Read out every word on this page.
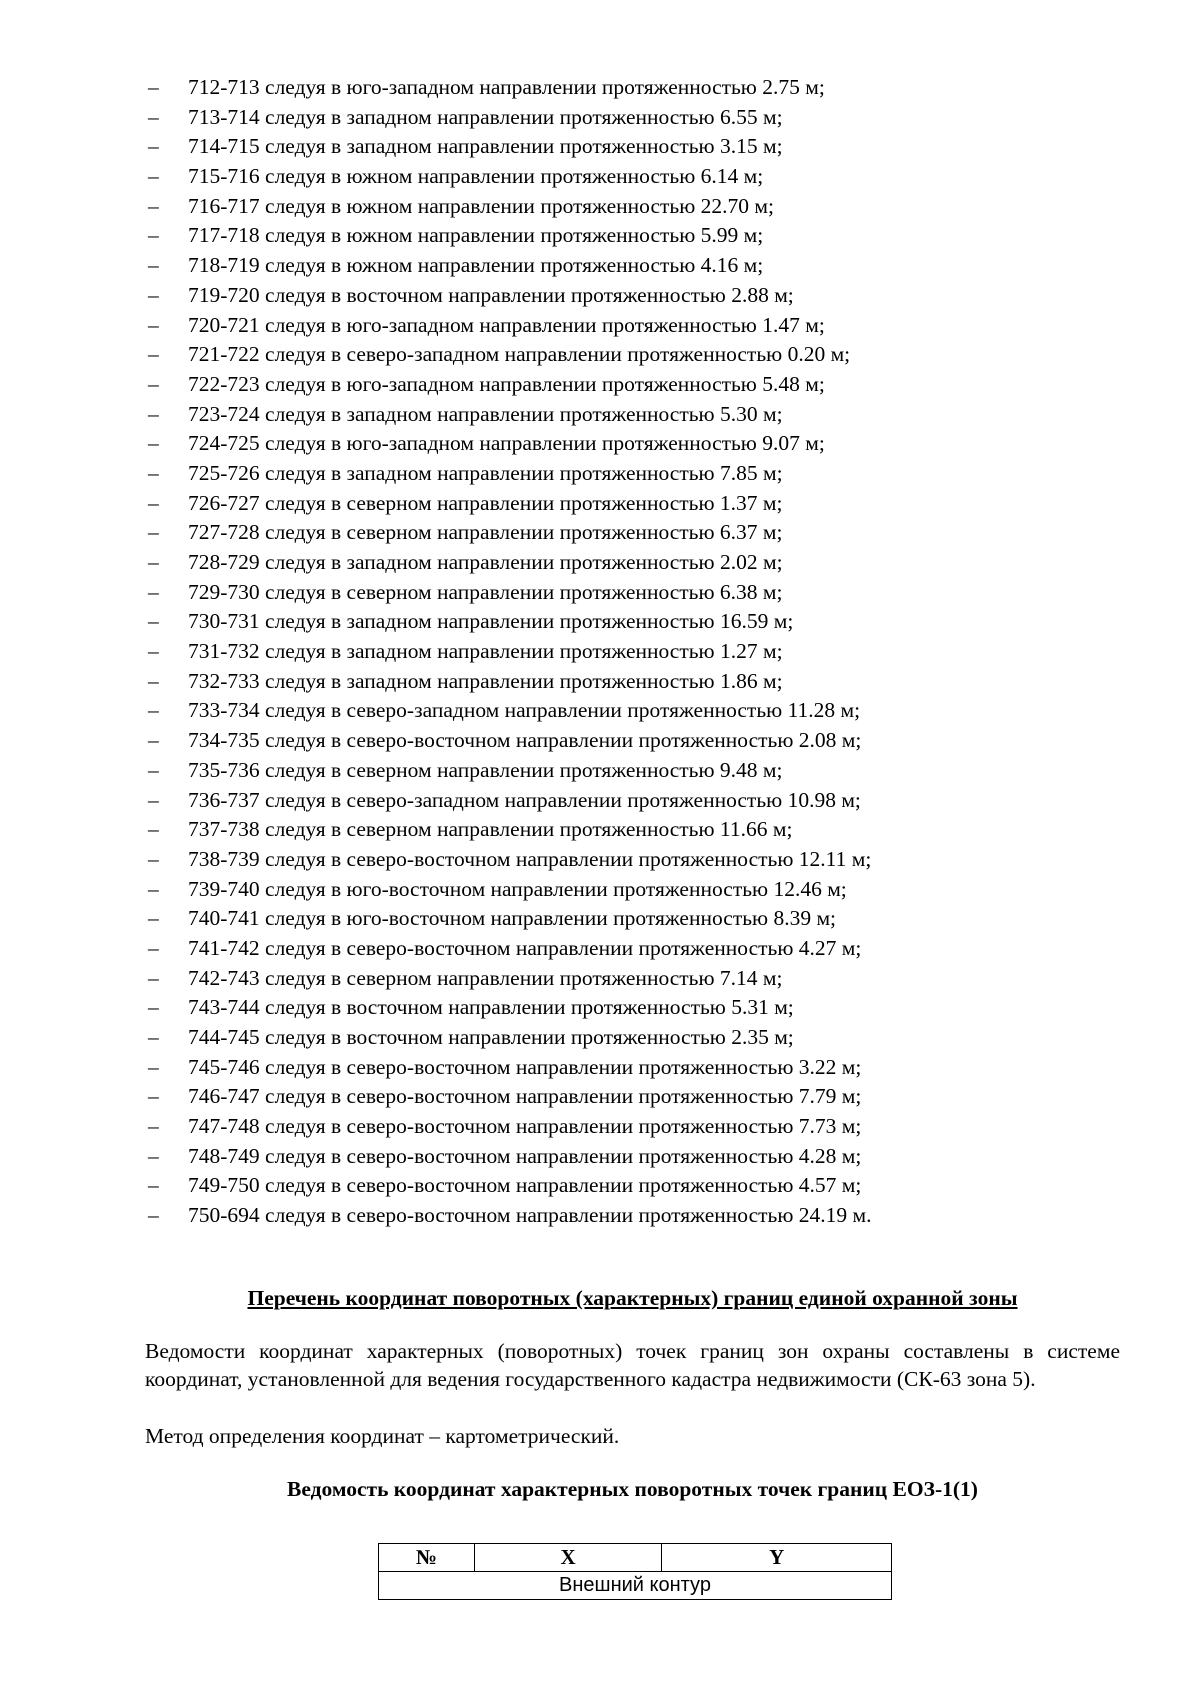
– 712-713 следуя в юго-западном направлении протяженностью 2.75 м;
– 713-714 следуя в западном направлении протяженностью 6.55 м;
– 714-715 следуя в западном направлении протяженностью 3.15 м;
– 715-716 следуя в южном направлении протяженностью 6.14 м;
– 716-717 следуя в южном направлении протяженностью 22.70 м;
– 717-718 следуя в южном направлении протяженностью 5.99 м;
– 718-719 следуя в южном направлении протяженностью 4.16 м;
– 719-720 следуя в восточном направлении протяженностью 2.88 м;
– 720-721 следуя в юго-западном направлении протяженностью 1.47 м;
– 721-722 следуя в северо-западном направлении протяженностью 0.20 м;
– 722-723 следуя в юго-западном направлении протяженностью 5.48 м;
– 723-724 следуя в западном направлении протяженностью 5.30 м;
– 724-725 следуя в юго-западном направлении протяженностью 9.07 м;
– 725-726 следуя в западном направлении протяженностью 7.85 м;
– 726-727 следуя в северном направлении протяженностью 1.37 м;
– 727-728 следуя в северном направлении протяженностью 6.37 м;
– 728-729 следуя в западном направлении протяженностью 2.02 м;
– 729-730 следуя в северном направлении протяженностью 6.38 м;
– 730-731 следуя в западном направлении протяженностью 16.59 м;
– 731-732 следуя в западном направлении протяженностью 1.27 м;
– 732-733 следуя в западном направлении протяженностью 1.86 м;
– 733-734 следуя в северо-западном направлении протяженностью 11.28 м;
– 734-735 следуя в северо-восточном направлении протяженностью 2.08 м;
– 735-736 следуя в северном направлении протяженностью 9.48 м;
– 736-737 следуя в северо-западном направлении протяженностью 10.98 м;
– 737-738 следуя в северном направлении протяженностью 11.66 м;
– 738-739 следуя в северо-восточном направлении протяженностью 12.11 м;
– 739-740 следуя в юго-восточном направлении протяженностью 12.46 м;
– 740-741 следуя в юго-восточном направлении протяженностью 8.39 м;
– 741-742 следуя в северо-восточном направлении протяженностью 4.27 м;
– 742-743 следуя в северном направлении протяженностью 7.14 м;
– 743-744 следуя в восточном направлении протяженностью 5.31 м;
– 744-745 следуя в восточном направлении протяженностью 2.35 м;
– 745-746 следуя в северо-восточном направлении протяженностью 3.22 м;
– 746-747 следуя в северо-восточном направлении протяженностью 7.79 м;
– 747-748 следуя в северо-восточном направлении протяженностью 7.73 м;
– 748-749 следуя в северо-восточном направлении протяженностью 4.28 м;
– 749-750 следуя в северо-восточном направлении протяженностью 4.57 м;
– 750-694 следуя в северо-восточном направлении протяженностью 24.19 м.
Перечень координат поворотных (характерных) границ единой охранной зоны
Ведомости координат характерных (поворотных) точек границ зон охраны составлены в системе координат, установленной для ведения государственного кадастра недвижимости (СК-63 зона 5).
Метод определения координат – картометрический.
Ведомость координат характерных поворотных точек границ ЕОЗ-1(1)
№	X	Y
Внешний контур
